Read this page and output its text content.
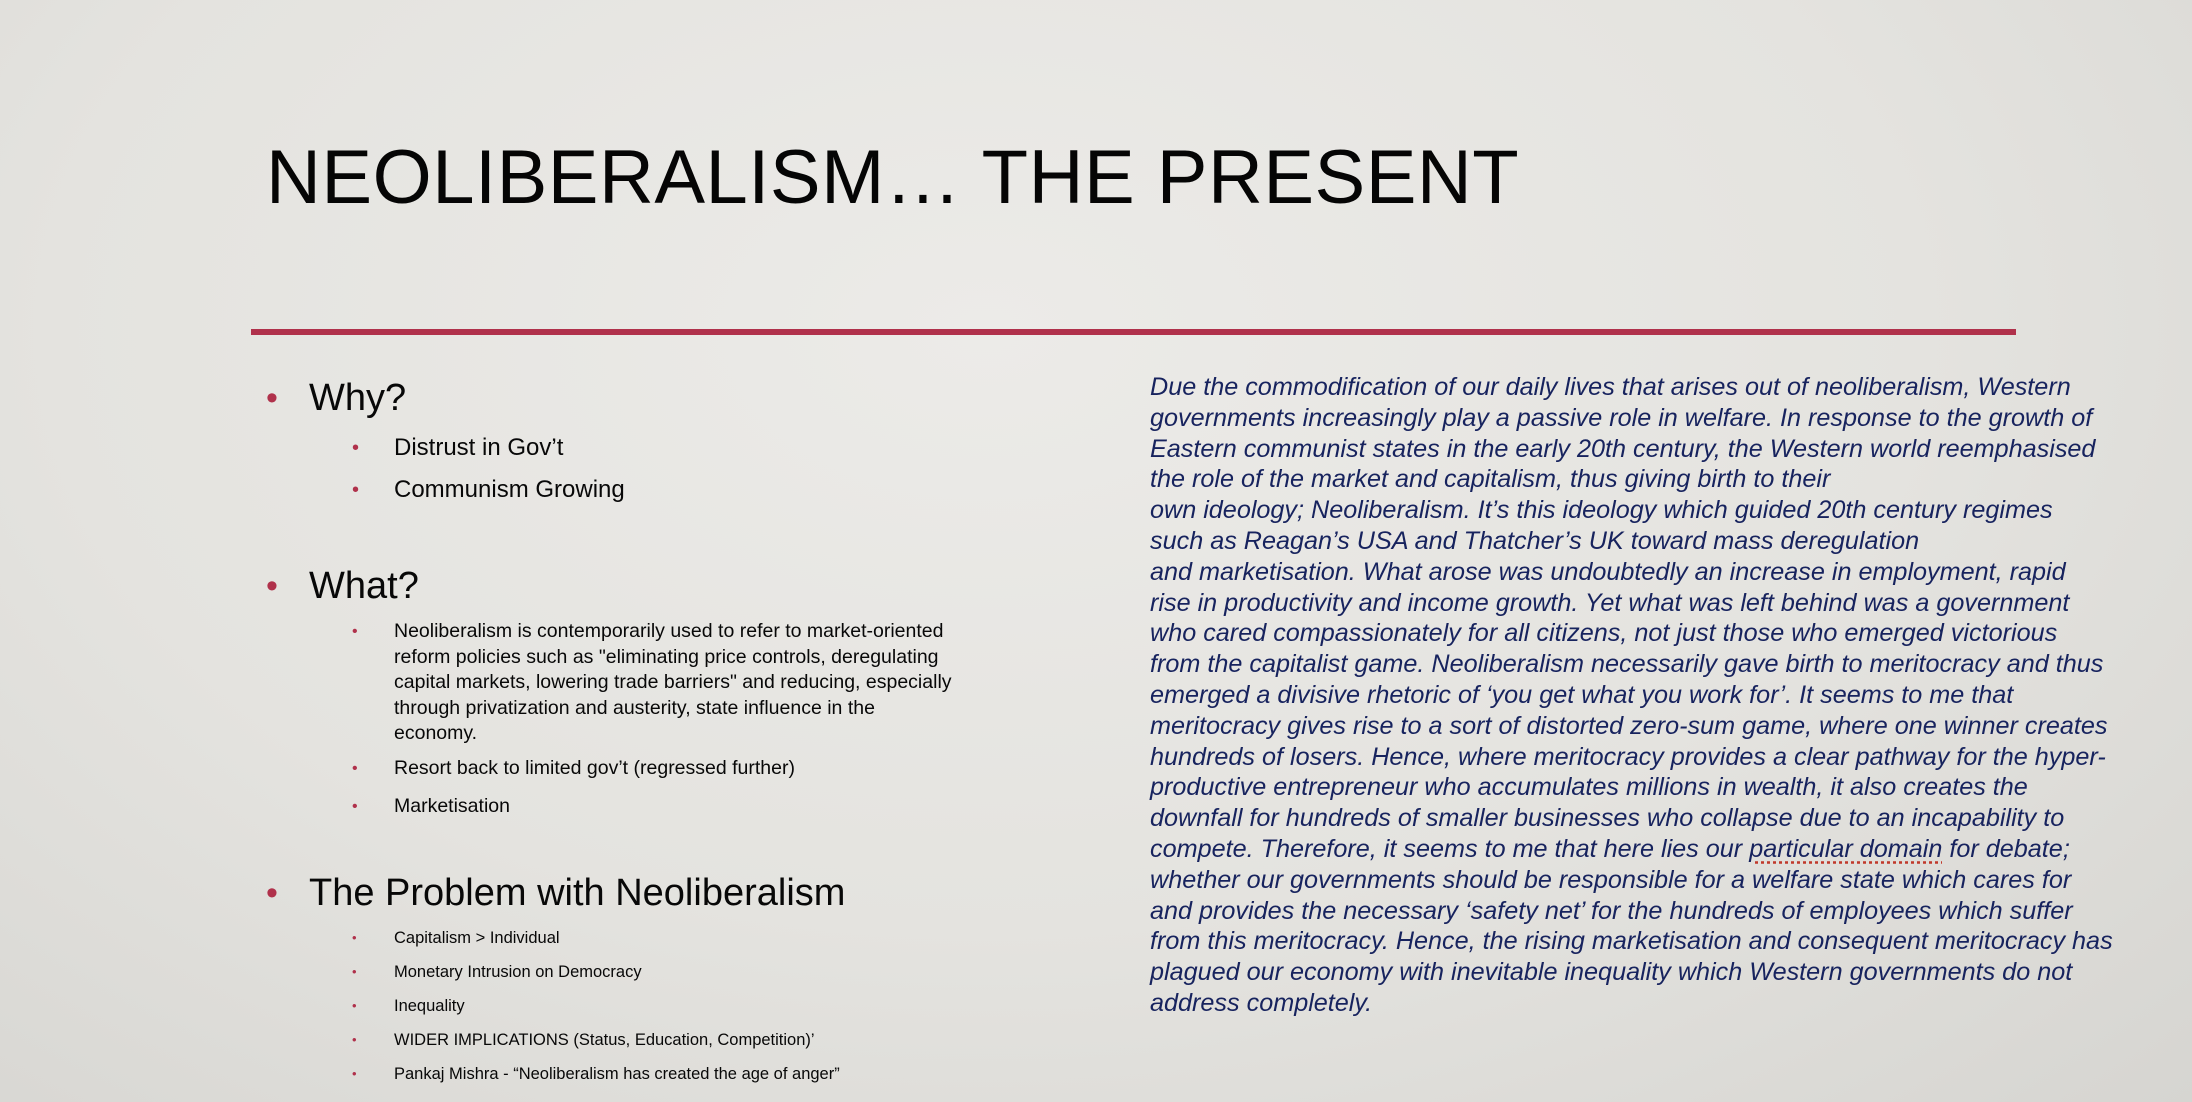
NEOLIBERALISM… THE PRESENT
• Why?
•	Distrust in Gov’t
•	Communism Growing
• What?
•	Neoliberalism is contemporarily used to refer to market-oriented reform policies such as "eliminating price controls, deregulating capital markets, lowering trade barriers" and reducing, especially through privatization and austerity, state influence in the economy.
•	Resort back to limited gov’t (regressed further)
•	Marketisation
• The Problem with Neoliberalism
•	Capitalism > Individual
•	Monetary Intrusion on Democracy
•	Inequality
•	WIDER IMPLICATIONS (Status, Education, Competition)’
•	Pankaj Mishra - “Neoliberalism has created the age of anger”

Due the commodification of our daily lives that arises out of neoliberalism, Western
governments increasingly play a passive role in welfare. In response to the growth of
Eastern communist states in the early 20th century, the Western world reemphasised
the role of the market and capitalism, thus giving birth to their
own ideology; Neoliberalism. It’s this ideology which guided 20th century regimes
such as Reagan’s USA and Thatcher’s UK toward mass deregulation
and marketisation. What arose was undoubtedly an increase in employment, rapid
rise in productivity and income growth. Yet what was left behind was a government
who cared compassionately for all citizens, not just those who emerged victorious
from the capitalist game. Neoliberalism necessarily gave birth to meritocracy and thus
emerged a divisive rhetoric of ‘you get what you work for’. It seems to me that
meritocracy gives rise to a sort of distorted zero-sum game, where one winner creates
hundreds of losers. Hence, where meritocracy provides a clear pathway for the hyper-
productive entrepreneur who accumulates millions in wealth, it also creates the
downfall for hundreds of smaller businesses who collapse due to an incapability to
compete. Therefore, it seems to me that here lies our particular domain for debate;
whether our governments should be responsible for a welfare state which cares for
and provides the necessary ‘safety net’ for the hundreds of employees which suffer
from this meritocracy. Hence, the rising marketisation and consequent meritocracy has
plagued our economy with inevitable inequality which Western governments do not
address completely.
